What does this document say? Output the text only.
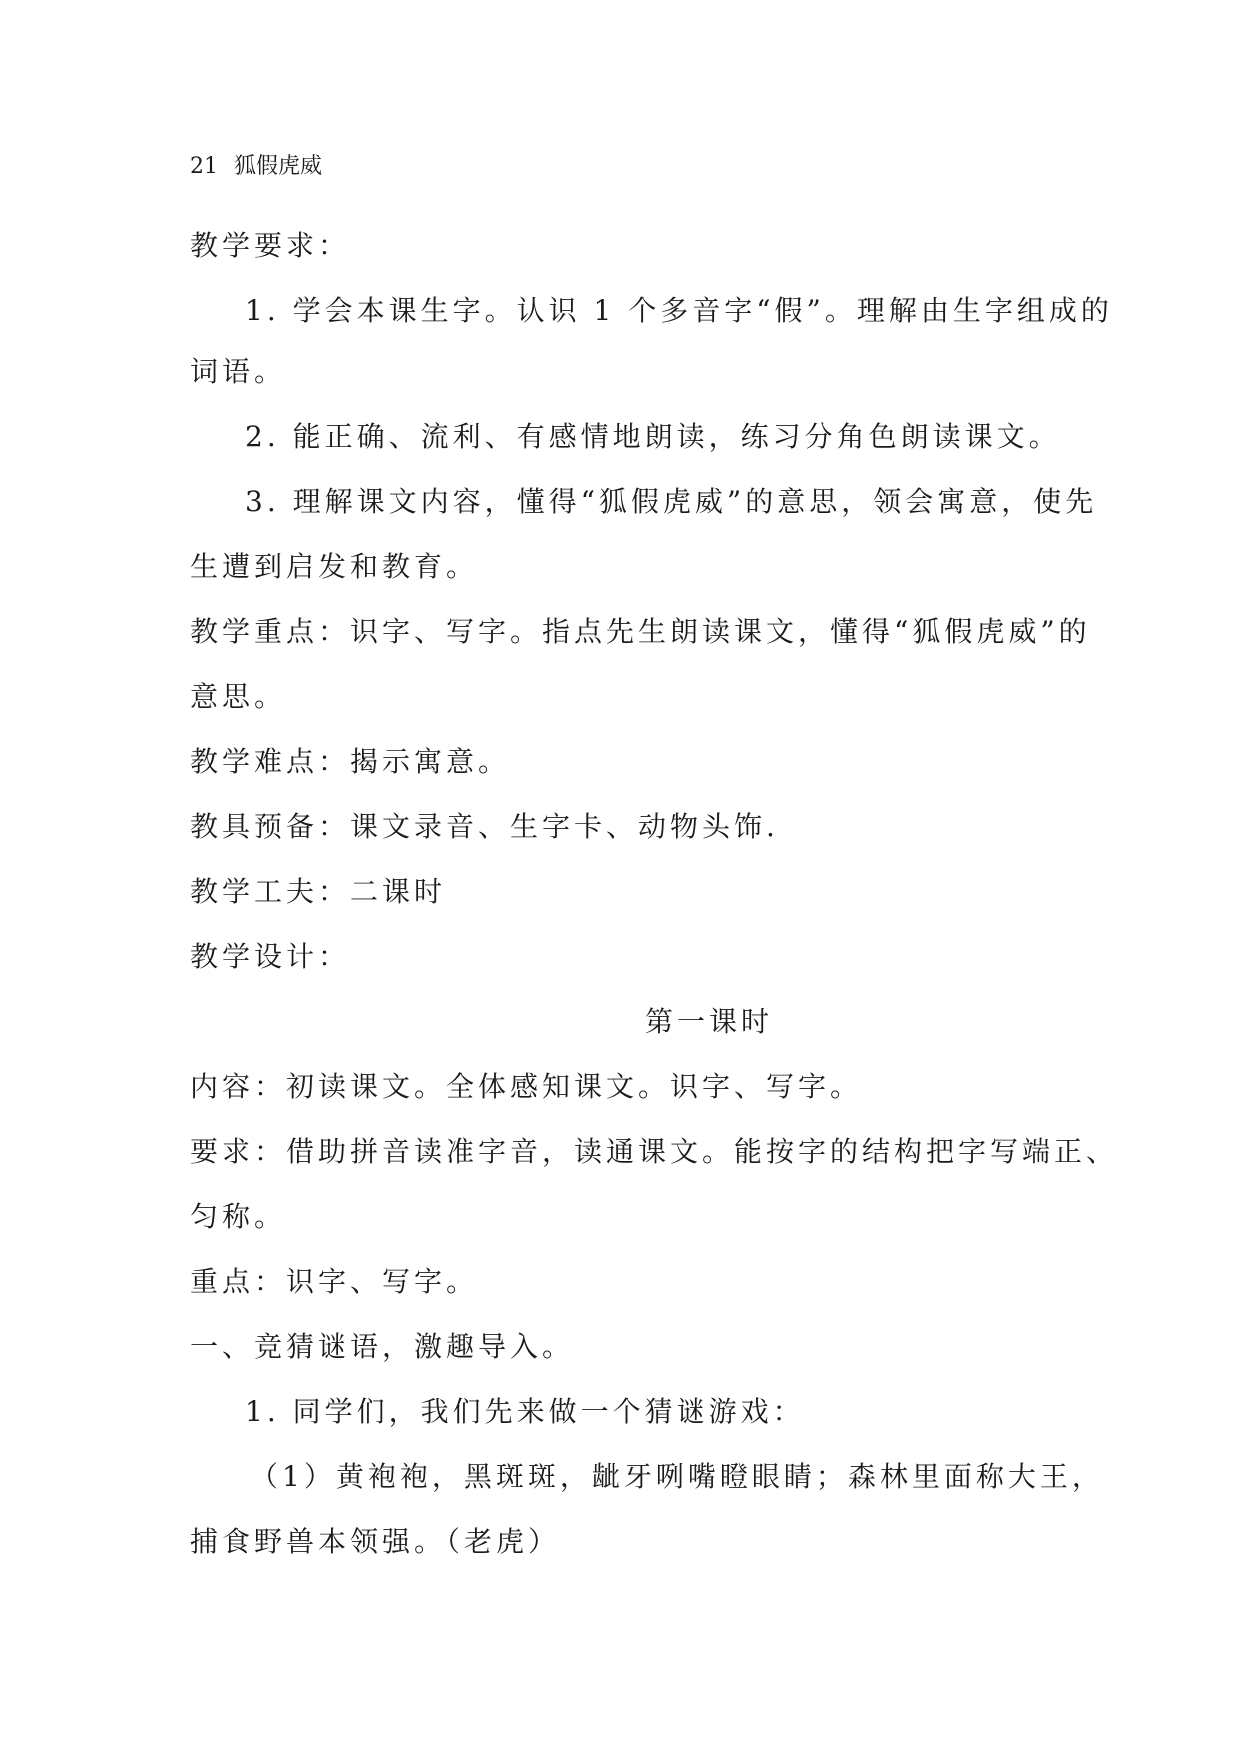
21 狐假虎威
教学要求：
1. 学会本课生字。认识 1 个多音字“假”。理解由生字组成的
词语。
2. 能正确、流利、有感情地朗读，练习分角色朗读课文。
3. 理解课文内容，懂得“狐假虎威”的意思，领会寓意，使先
生遭到启发和教育。
教学重点：识字、写字。指点先生朗读课文，懂得“狐假虎威”的
意思。
教学难点：揭示寓意。
教具预备：课文录音、生字卡、动物头饰.
教学工夫：二课时
教学设计：
第一课时
内容：初读课文。全体感知课文。识字、写字。
要求：借助拼音读准字音，读通课文。能按字的结构把字写端正、
匀称。
重点：识字、写字。
一、竞猜谜语，激趣导入。
1. 同学们，我们先来做一个猜谜游戏：
（1）黄袍袍，黑斑斑，龇牙咧嘴瞪眼睛；森林里面称大王，
捕食野兽本领强。（老虎）
